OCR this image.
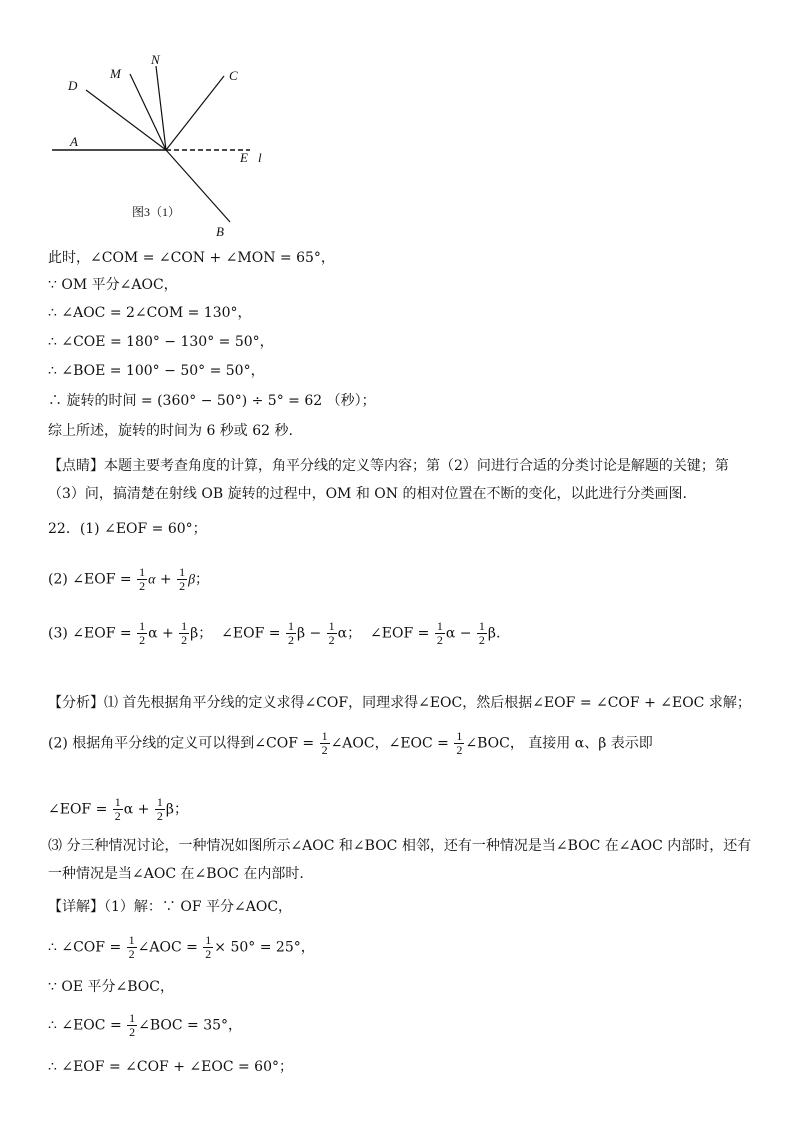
D
M
N
C
A
E l
B
图3（1）
此时，∠COM = ∠CON + ∠MON = 65°，
∵ OM 平分∠AOC，
∴ ∠AOC = 2∠COM = 130°，
∴ ∠COE = 180° − 130° = 50°，
∴ ∠BOE = 100° − 50° = 50°，
∴ 旋转的时间 = (360° − 50°) ÷ 5° = 62 （秒）；
综上所述，旋转的时间为 6 秒或 62 秒.
【点睛】本题主要考查角度的计算，角平分线的定义等内容；第（2）问进行合适的分类讨论是解题的关键；第（3）问，搞清楚在射线 OB 旋转的过程中，OM 和 ON 的相对位置在不断的变化，以此进行分类画图.
22．(1) ∠EOF = 60°；
(2) ∠EOF = $\frac{1}{2}$ $\alpha + \frac{1}{2}$ β；
(3) ∠EOF = $\frac{1}{2}$ $\alpha + \frac{1}{2}$ β； ∠EOF = $\frac{1}{2}$ $\beta - \frac{1}{2}$ α； ∠EOF = $\frac{1}{2}$ $\alpha - \frac{1}{2} \beta$.
【分析】⑴ 首先根据角平分线的定义求得∠COF，同理求得∠EOC，然后根据∠EOF = ∠COF + ∠EOC 求解；
(2) 根据角平分线的定义可以得到∠COF = $\frac{1}{2}$ ∠AOC，∠EOC = $\frac{1}{2}$ ∠BOC， 直接用 α、β 表示即
∠EOF = $\frac{1}{2}$ $\alpha + \frac{1}{2}$ β；
⑶ 分三种情况讨论，一种情况如图所示∠AOC 和∠BOC 相邻，还有一种情况是当∠BOC 在∠AOC 内部时，还有一种情况是当∠AOC 在∠BOC 在内部时.
【详解】（1）解：∵ OF 平分∠AOC，
∴ ∠COF = $\frac{1}{2}$ ∠AOC = $\frac{1}{2} \times 50^\circ = 25^\circ$，
∵ OE 平分∠BOC，
∴ ∠EOC = $\frac{1}{2}$ ∠BOC = 35°，
∴ ∠EOF = ∠COF + ∠EOC = 60°；
